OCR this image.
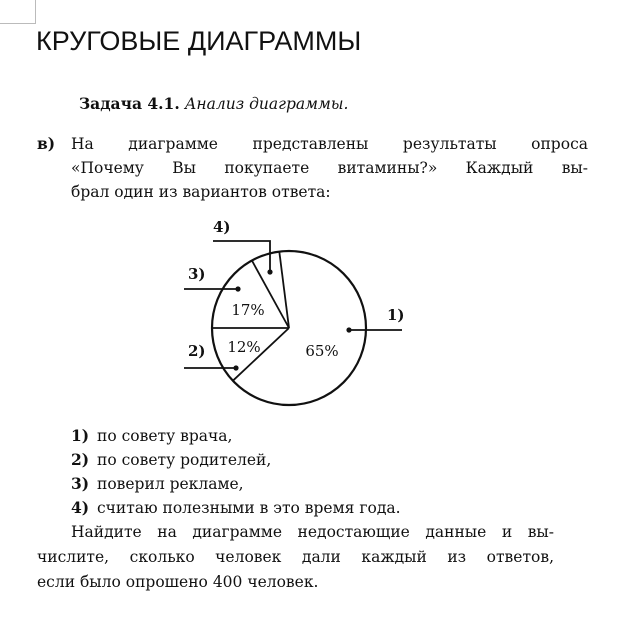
КРУГОВЫЕ ДИАГРАММЫ
Задача 4.1. Анализ диаграммы.
в) На диаграмме представлены результаты опроса
«Почему Вы покупаете витамины?» Каждый вы-
брал один из вариантов ответа:
65%
12%
17%	1)
2)
3)
4)
1) по совету врача,
2) по совету родителей,
3) поверил рекламе,
4) считаю полезными в это время года.
Найдите на диаграмме недостающие данные и вы-
числите, сколько человек дали каждый из ответов,
если было опрошено 400 человек.
